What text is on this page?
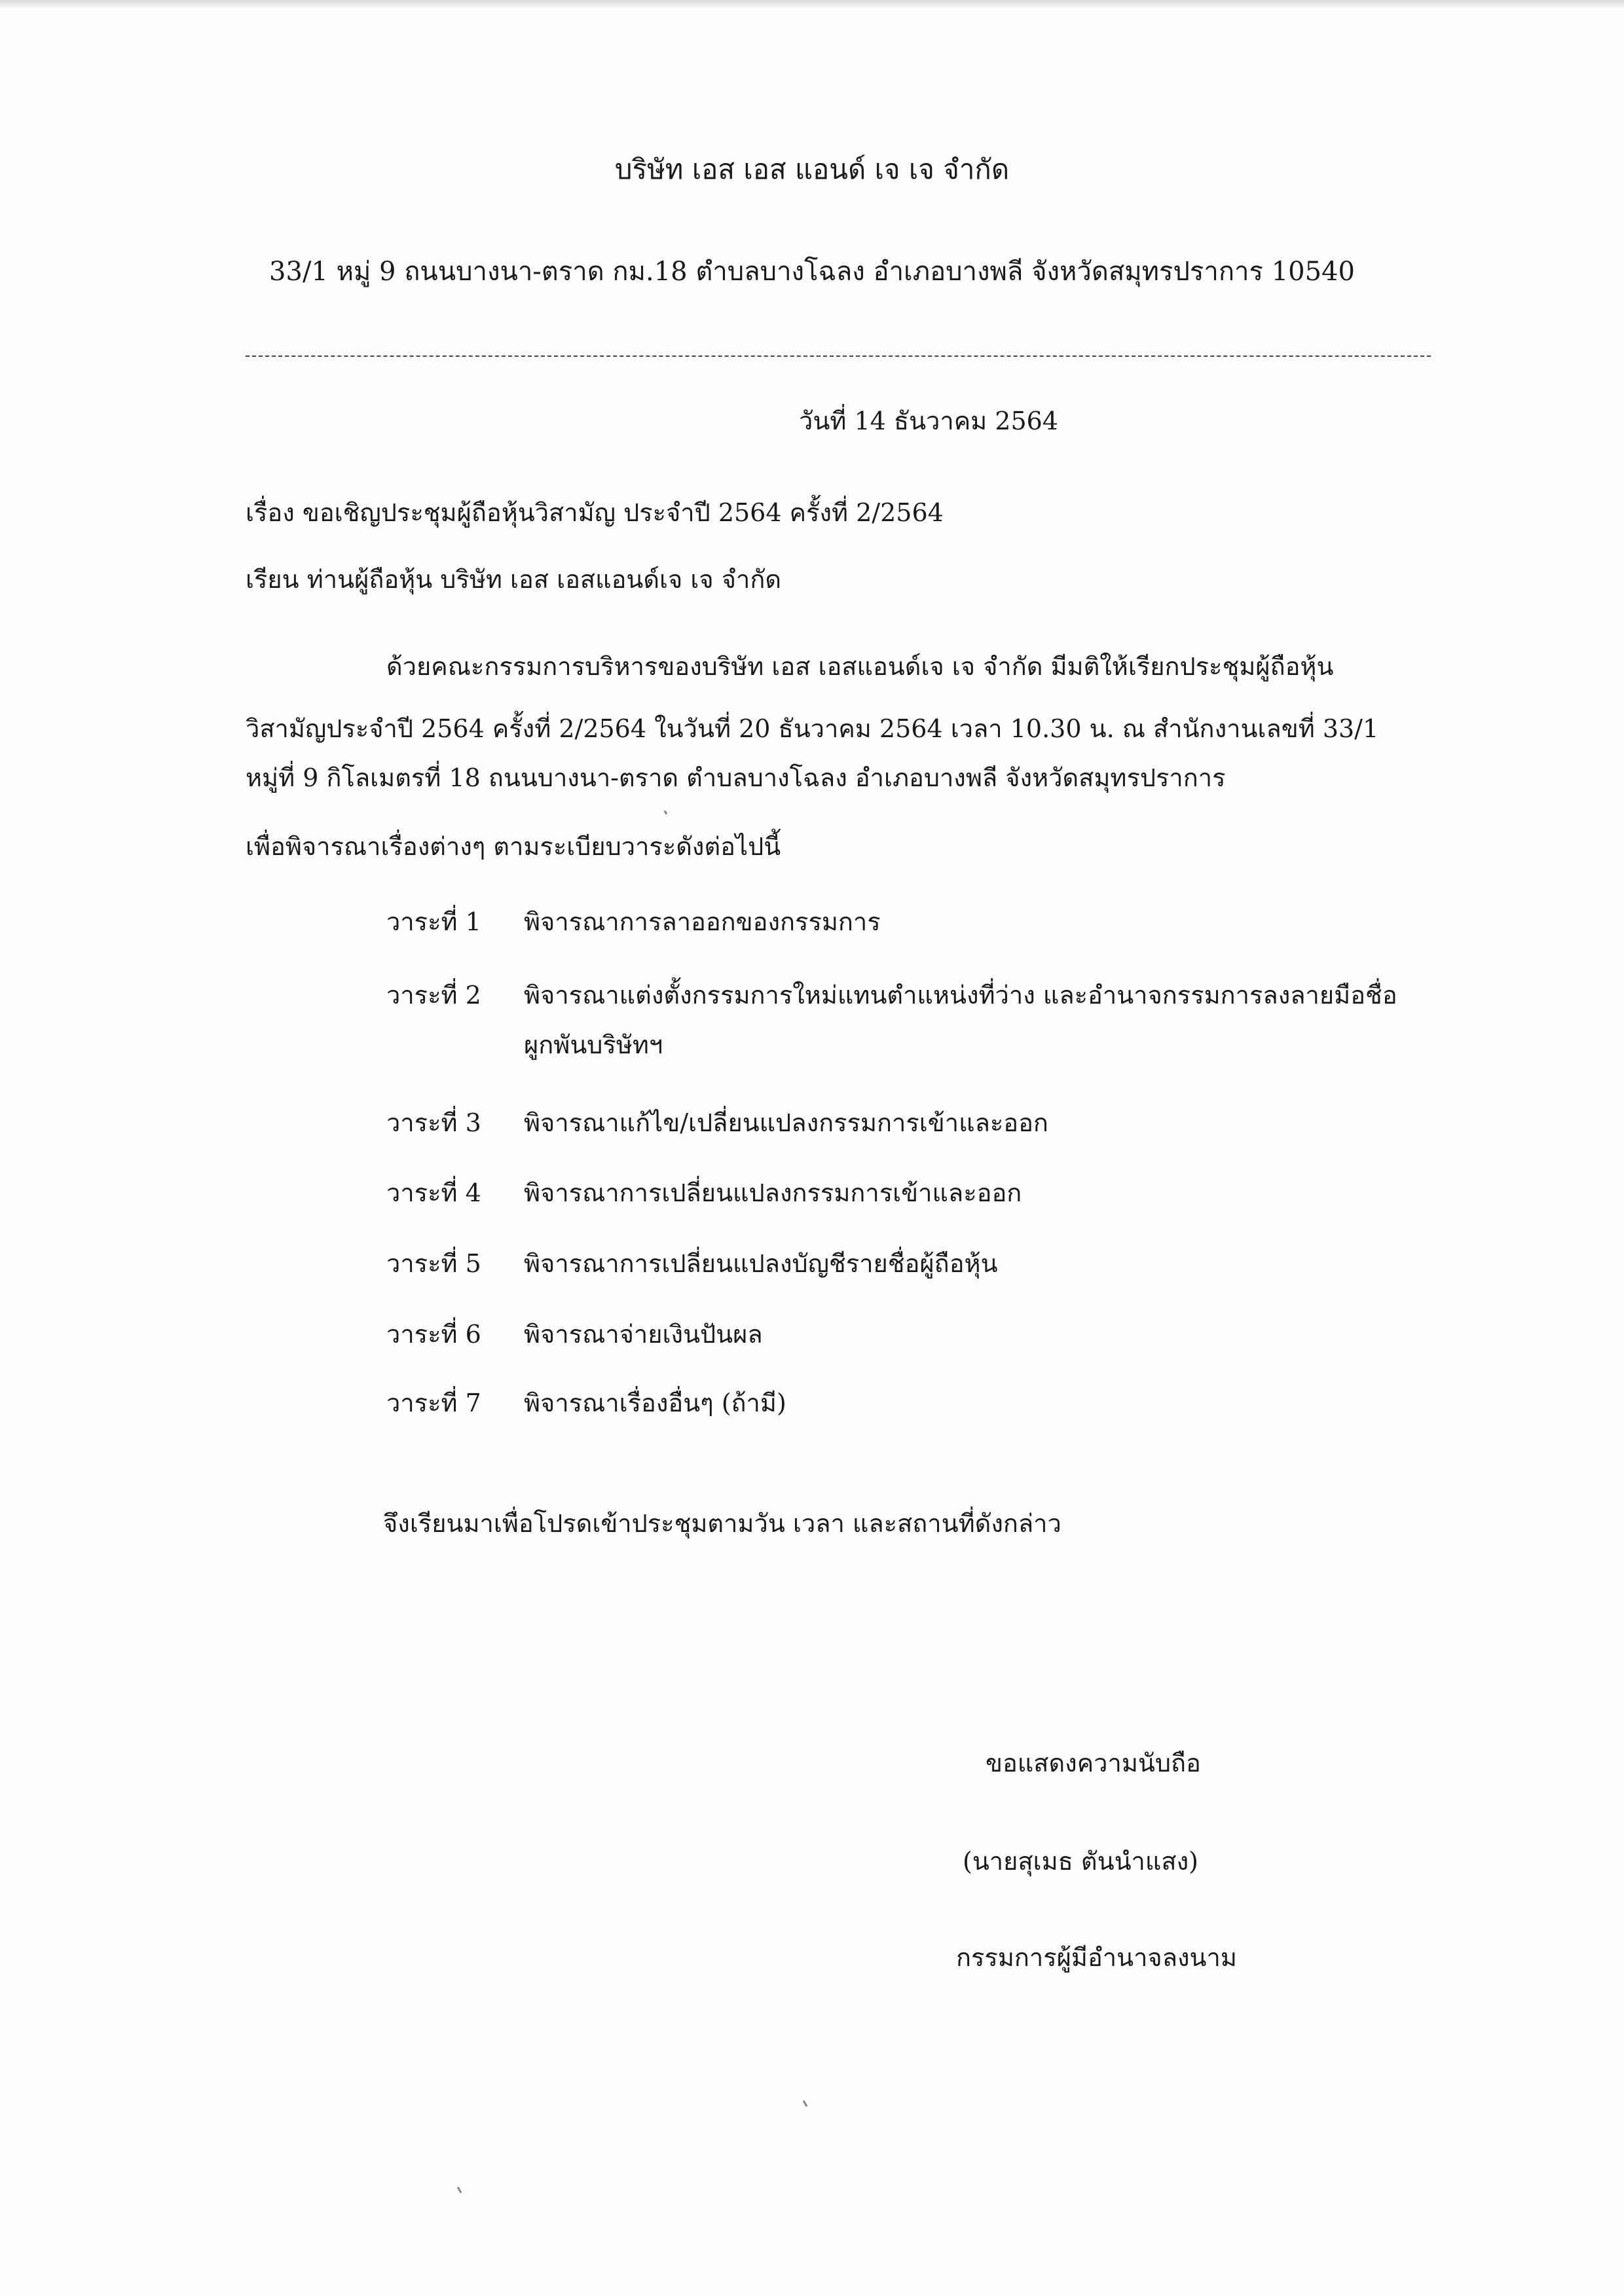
บริษัท เอส เอส แอนด์ เจ เจ จำกัด
33/1 หมู่ 9 ถนนบางนา-ตราด กม.18 ตำบลบางโฉลง อำเภอบางพลี จังหวัดสมุทรปราการ 10540
วันที่ 14 ธันวาคม 2564
เรื่อง ขอเชิญประชุมผู้ถือหุ้นวิสามัญ ประจำปี 2564 ครั้งที่ 2/2564
เรียน ท่านผู้ถือหุ้น บริษัท เอส เอสแอนด์เจ เจ จำกัด
ด้วยคณะกรรมการบริหารของบริษัท เอส เอสแอนด์เจ เจ จำกัด มีมติให้เรียกประชุมผู้ถือหุ้น
วิสามัญประจำปี 2564 ครั้งที่ 2/2564 ในวันที่ 20 ธันวาคม 2564 เวลา 10.30 น. ณ สำนักงานเลขที่ 33/1
หมู่ที่ 9 กิโลเมตรที่ 18 ถนนบางนา-ตราด ตำบลบางโฉลง อำเภอบางพลี จังหวัดสมุทรปราการ
เพื่อพิจารณาเรื่องต่างๆ ตามระเบียบวาระดังต่อไปนี้
วาระที่ 1 พิจารณาการลาออกของกรรมการ
วาระที่ 2 พิจารณาแต่งตั้งกรรมการใหม่แทนตำแหน่งที่ว่าง และอำนาจกรรมการลงลายมือชื่อ
ผูกพันบริษัทฯ
วาระที่ 3 พิจารณาแก้ไข/เปลี่ยนแปลงกรรมการเข้าและออก
วาระที่ 4 พิจารณาการเปลี่ยนแปลงกรรมการเข้าและออก
วาระที่ 5 พิจารณาการเปลี่ยนแปลงบัญชีรายชื่อผู้ถือหุ้น
วาระที่ 6 พิจารณาจ่ายเงินปันผล
วาระที่ 7 พิจารณาเรื่องอื่นๆ (ถ้ามี)
จึงเรียนมาเพื่อโปรดเข้าประชุมตามวัน เวลา และสถานที่ดังกล่าว
ขอแสดงความนับถือ
(นายสุเมธ ตันนำแสง)
กรรมการผู้มีอำนาจลงนาม
